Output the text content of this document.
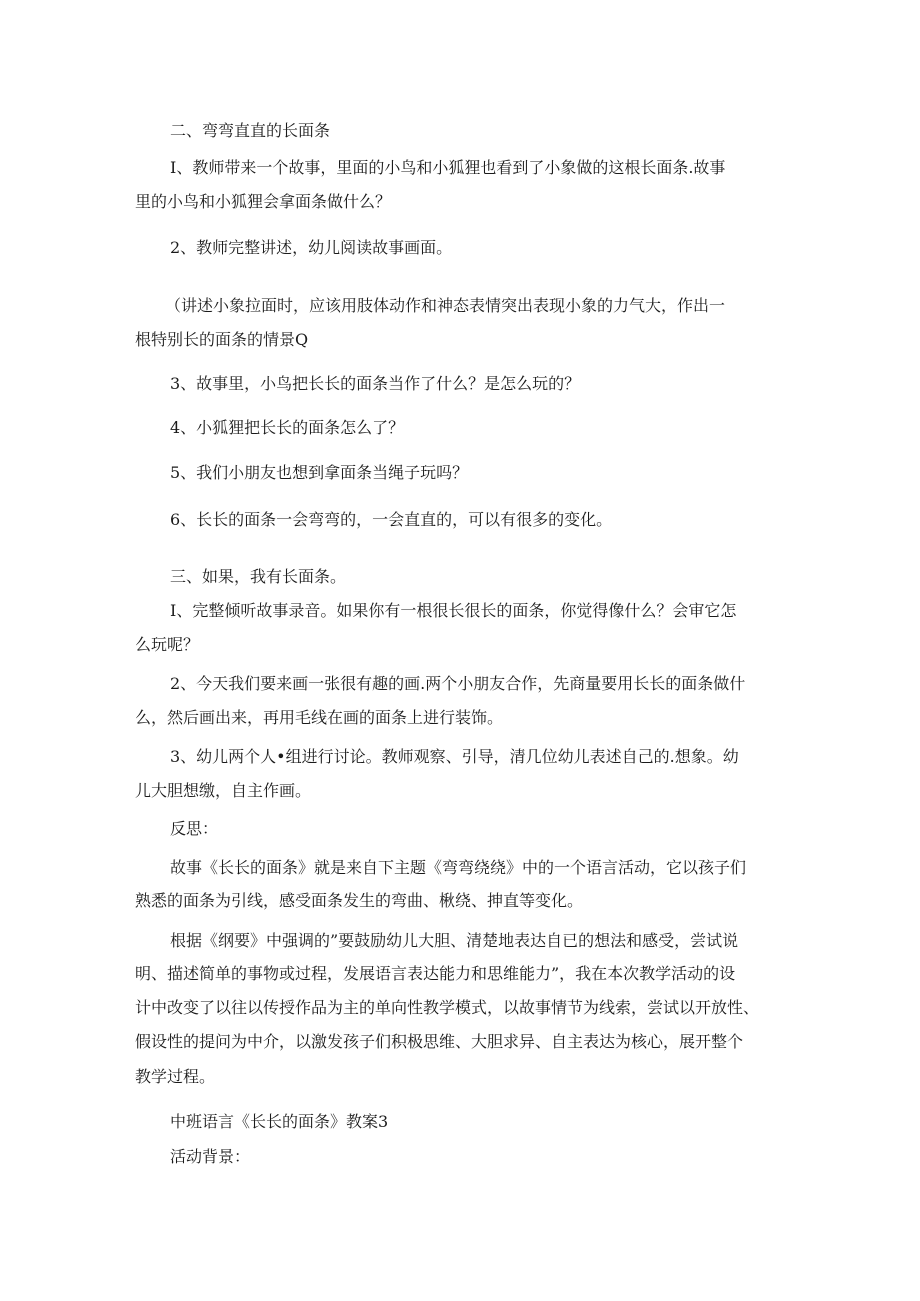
二、弯弯直直的长面条
I、教师带来一个故事，里面的小鸟和小狐狸也看到了小象做的这根长面条.故事
里的小鸟和小狐狸会拿面条做什么？
2、教师完整讲述，幼儿阅读故事画面。
（讲述小象拉面时，应该用肢体动作和神态表情突出表现小象的力气大，作出一
根特别长的面条的情景Q
3、故事里，小鸟把长长的面条当作了什么？是怎么玩的？
4、小狐狸把长长的面条怎么了？
5、我们小朋友也想到拿面条当绳子玩吗？
6、长长的面条一会弯弯的，一会直直的，可以有很多的变化。
三、如果，我有长面条。
I、完整倾听故事录音。如果你有一根很长很长的面条，你觉得像什么？会审它怎
么玩呢？
2、今天我们要来画一张很有趣的画.两个小朋友合作，先商量要用长长的面条做什
么，然后画出来，再用毛线在画的面条上进行装饰。
3、幼儿两个人•组进行讨论。教师观察、引导，清几位幼儿表述自己的.想象。幼
儿大胆想缴，自主作画。
反思：
故事《长长的面条》就是来自下主题《弯弯绕绕》中的一个语言活动，它以孩子们
熟悉的面条为引线，感受面条发生的弯曲、楸绕、抻直等变化。
根据《纲要》中强调的”要鼓励幼儿大胆、清楚地表达自已的想法和感受，尝试说
明、描述简单的事物或过程，发展语言表达能力和思维能力”，我在本次教学活动的设
计中改变了以往以传授作品为主的单向性教学模式，以故事情节为线索，尝试以开放性、
假设性的提问为中介，以激发孩子们积极思维、大胆求异、自主表达为核心，展开整个
教学过程。
中班语言《长长的面条》教案3
活动背景：
